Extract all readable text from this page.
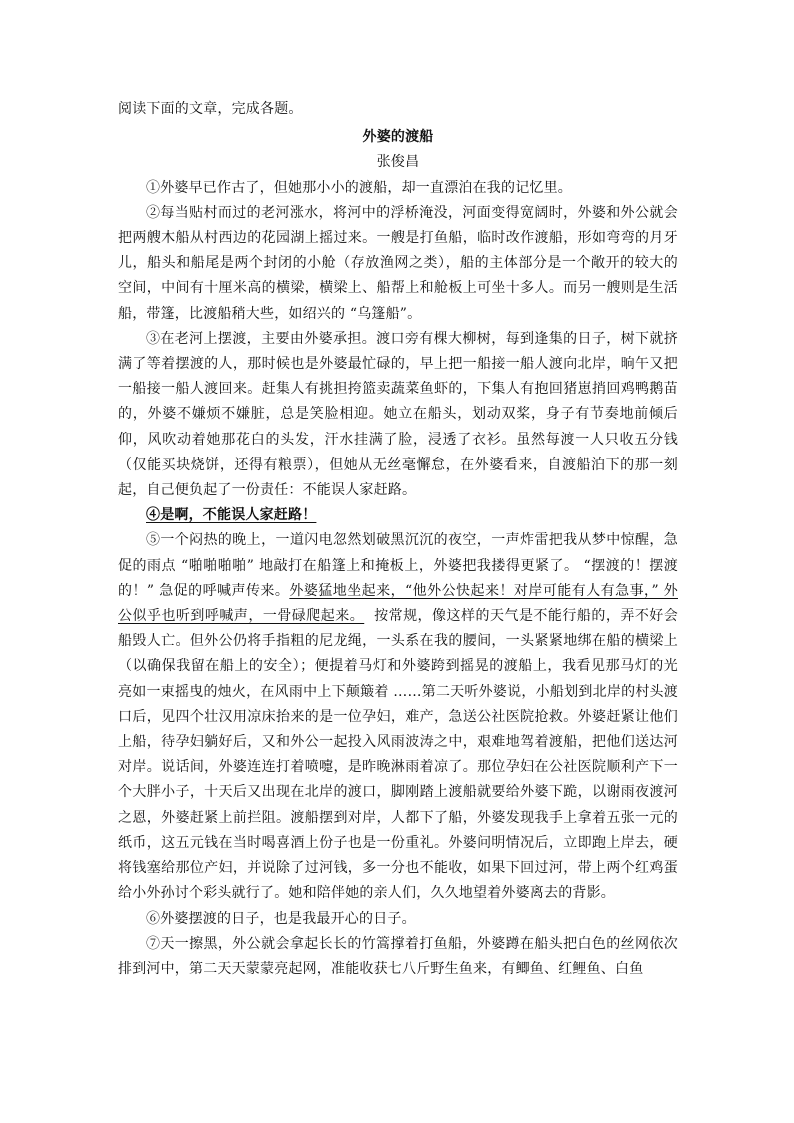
阅读下面的文章，完成各题。

外婆的渡船

张俊昌

①外婆早已作古了，但她那小小的渡船，却一直漂泊在我的记忆里。

②每当贴村而过的老河涨水，将河中的浮桥淹没，河面变得宽阔时，外婆和外公就会把两艘木船从村西边的花园湖上摇过来。一艘是打鱼船，临时改作渡船，形如弯弯的月牙儿，船头和船尾是两个封闭的小舱（存放渔网之类），船的主体部分是一个敞开的较大的空间，中间有十厘米高的横梁，横梁上、船帮上和舱板上可坐十多人。而另一艘则是生活船，带篷，比渡船稍大些，如绍兴的 “乌篷船”。

③在老河上摆渡，主要由外婆承担。渡口旁有棵大柳树，每到逢集的日子，树下就挤满了等着摆渡的人，那时候也是外婆最忙碌的，早上把一船接一船人渡向北岸，晌午又把一船接一船人渡回来。赶集人有挑担挎篮卖蔬菜鱼虾的，下集人有抱回猪崽捎回鸡鸭鹅苗的，外婆不嫌烦不嫌脏，总是笑脸相迎。她立在船头，划动双桨，身子有节奏地前倾后仰，风吹动着她那花白的头发，汗水挂满了脸，浸透了衣衫。虽然每渡一人只收五分钱（仅能买块烧饼，还得有粮票），但她从无丝毫懈怠，在外婆看来，自渡船泊下的那一刻起，自己便负起了一份责任：不能误人家赶路。

④是啊，不能误人家赶路！

⑤一个闷热的晚上，一道闪电忽然划破黑沉沉的夜空，一声炸雷把我从梦中惊醒，急促的雨点 “啪啪啪啪” 地敲打在船篷上和掩板上，外婆把我搂得更紧了。 “摆渡的！摆渡的！” 急促的呼喊声传来。外婆猛地坐起来，“他外公快起来！对岸可能有人有急事，” 外公似乎也听到呼喊声，一骨碌爬起来。 按常规，像这样的天气是不能行船的，弄不好会船毁人亡。但外公仍将手指粗的尼龙绳，一头系在我的腰间，一头紧紧地绑在船的横梁上（以确保我留在船上的安全）；便提着马灯和外婆跨到摇晃的渡船上，我看见那马灯的光亮如一束摇曳的烛火，在风雨中上下颠簸着 ……第二天听外婆说，小船划到北岸的村头渡口后，见四个壮汉用凉床抬来的是一位孕妇，难产，急送公社医院抢救。外婆赶紧让他们上船，待孕妇躺好后，又和外公一起投入风雨波涛之中，艰难地驾着渡船，把他们送达河对岸。说话间，外婆连连打着喷嚏，是昨晚淋雨着凉了。那位孕妇在公社医院顺利产下一个大胖小子，十天后又出现在北岸的渡口，脚刚踏上渡船就要给外婆下跪，以谢雨夜渡河之恩，外婆赶紧上前拦阻。渡船摆到对岸，人都下了船，外婆发现我手上拿着五张一元的纸币，这五元钱在当时喝喜酒上份子也是一份重礼。外婆问明情况后，立即跑上岸去，硬将钱塞给那位产妇，并说除了过河钱，多一分也不能收，如果下回过河，带上两个红鸡蛋给小外孙讨个彩头就行了。她和陪伴她的亲人们，久久地望着外婆离去的背影。

⑥外婆摆渡的日子，也是我最开心的日子。

⑦天一擦黑，外公就会拿起长长的竹篙撑着打鱼船，外婆蹲在船头把白色的丝网依次排到河中，第二天天蒙蒙亮起网，准能收获七八斤野生鱼来，有鲫鱼、红鲤鱼、白鱼
